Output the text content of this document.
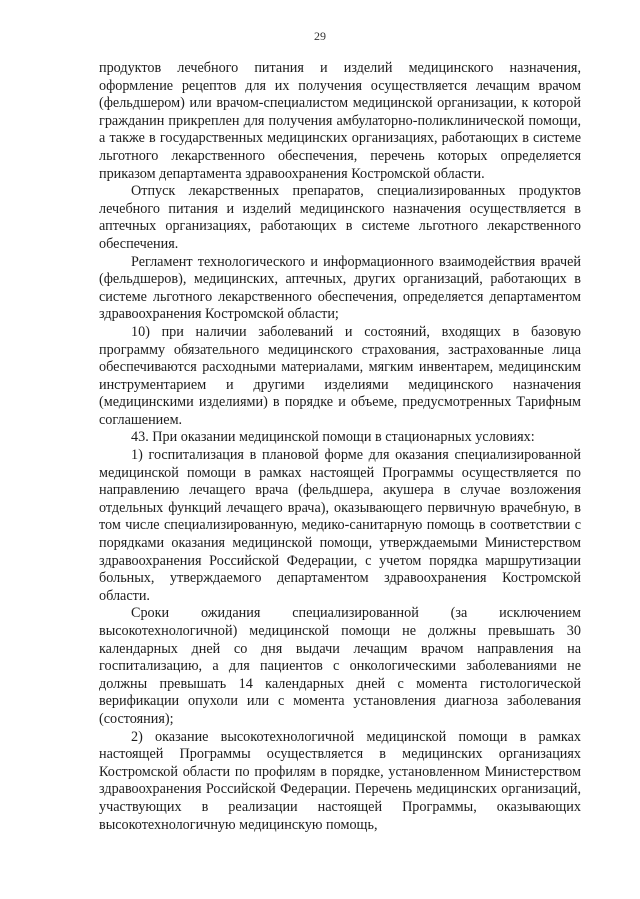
29

продуктов лечебного питания и изделий медицинского назначения, оформление рецептов для их получения осуществляется лечащим врачом (фельдшером) или врачом-специалистом медицинской организации, к которой гражданин прикреплен для получения амбулаторно-поликлинической помощи, а также в государственных медицинских организациях, работающих в системе льготного лекарственного обеспечения, перечень которых определяется приказом департамента здравоохранения Костромской области.

Отпуск лекарственных препаратов, специализированных продуктов лечебного питания и изделий медицинского назначения осуществляется в аптечных организациях, работающих в системе льготного лекарственного обеспечения.

Регламент технологического и информационного взаимодействия врачей (фельдшеров), медицинских, аптечных, других организаций, работающих в системе льготного лекарственного обеспечения, определяется департаментом здравоохранения Костромской области;

10) при наличии заболеваний и состояний, входящих в базовую программу обязательного медицинского страхования, застрахованные лица обеспечиваются расходными материалами, мягким инвентарем, медицинским инструментарием и другими изделиями медицинского назначения (медицинскими изделиями) в порядке и объеме, предусмотренных Тарифным соглашением.

43. При оказании медицинской помощи в стационарных условиях:

1) госпитализация в плановой форме для оказания специализированной медицинской помощи в рамках настоящей Программы осуществляется по направлению лечащего врача (фельдшера, акушера в случае возложения отдельных функций лечащего врача), оказывающего первичную врачебную, в том числе специализированную, медико-санитарную помощь в соответствии с порядками оказания медицинской помощи, утверждаемыми Министерством здравоохранения Российской Федерации, с учетом порядка маршрутизации больных, утверждаемого департаментом здравоохранения Костромской области.

Сроки ожидания специализированной (за исключением высокотехнологичной) медицинской помощи не должны превышать 30 календарных дней со дня выдачи лечащим врачом направления на госпитализацию, а для пациентов с онкологическими заболеваниями не должны превышать 14 календарных дней с момента гистологической верификации опухоли или с момента установления диагноза заболевания (состояния);

2) оказание высокотехнологичной медицинской помощи в рамках настоящей Программы осуществляется в медицинских организациях Костромской области по профилям в порядке, установленном Министерством здравоохранения Российской Федерации. Перечень медицинских организаций, участвующих в реализации настоящей Программы, оказывающих высокотехнологичную медицинскую помощь,
